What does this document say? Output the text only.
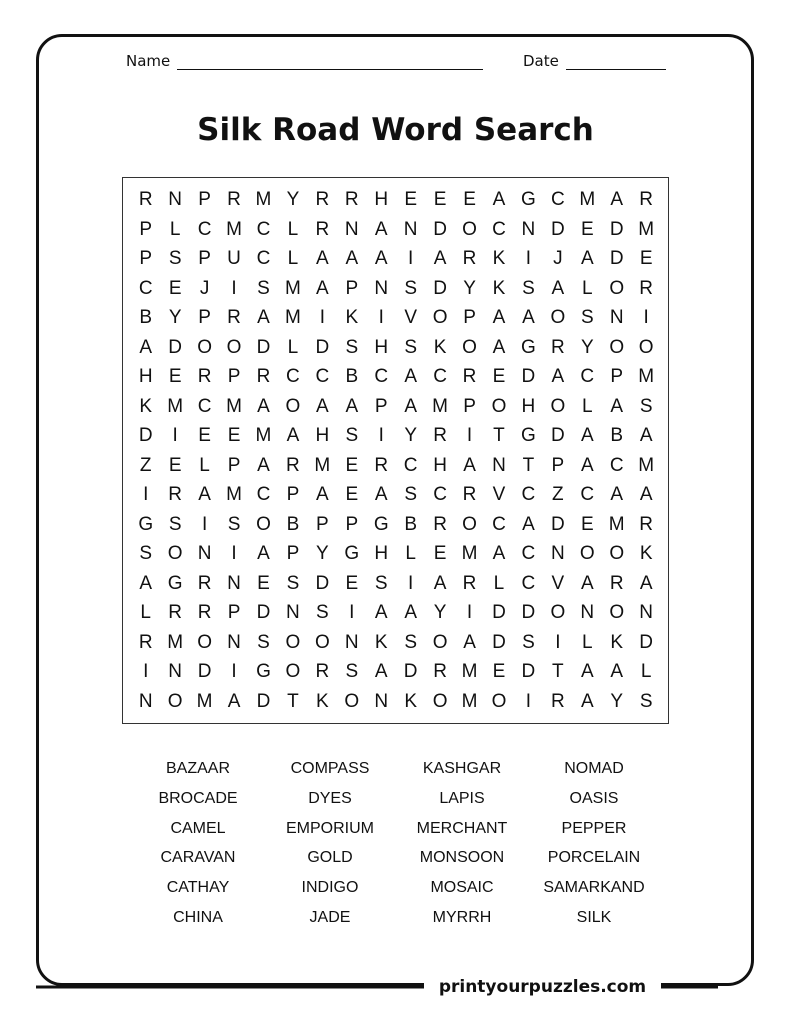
Name	Date
Silk Road Word Search
R N P R M Y R R H E E E A G C M A R
P L C M C L R N A N D O C N D E D M
P S P U C L A A A	I	A R K	I	J A D E
C E J	I	S M A P N S D Y K S A L O R
B Y P R A M I	K	I	V O P A A O S N	I
A D O O D L D S H S K O A G R Y O O
H E R P R C C B C A C R E D A C P M
K M C M A O A A P A M P O H O L A S
D	I	E E M A H S	I	Y R	I	T G D A B A
Z E L P A R M E R C H A N T P A C M
I	R A M C P A E A S C R V C Z C A A
G S	I	S O B P P G B R O C A D E M R
S O N	I	A P Y G H L E M A C N O O K
A G R N E S D E S	I	A R L C V A R A
L R R P D N S	I	A A Y	I	D D O N O N
R M O N S O O N K S O A D S	I	L K D
I	N D	I	G O R S A D R M E D T A A L
N O M A D T K O N K O M O	I	R A Y S
BAZAAR	COMPASS	KASHGAR	NOMAD
BROCADE	DYES	LAPIS	OASIS
CAMEL	EMPORIUM	MERCHANT	PEPPER
CARAVAN	GOLD	MONSOON	PORCELAIN
CATHAY	INDIGO	MOSAIC	SAMARKAND
CHINA	JADE	MYRRH	SILK
printyourpuzzles.com
